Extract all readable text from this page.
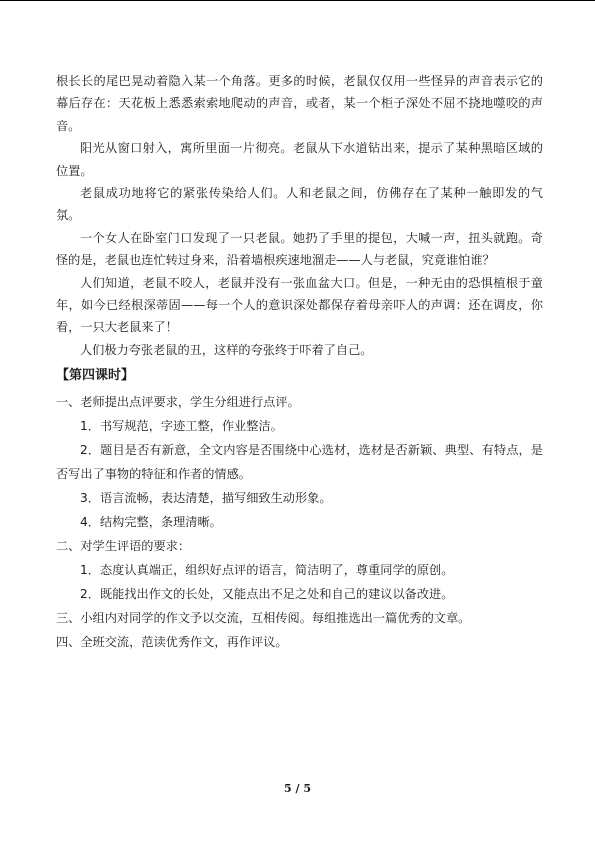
根长长的尾巴晃动着隐入某一个角落。更多的时候，老鼠仅仅用一些怪异的声音表示它的幕后存在：天花板上悉悉索索地爬动的声音，或者，某一个柜子深处不屈不挠地噬咬的声音。

阳光从窗口射入，寓所里面一片彻亮。老鼠从下水道钻出来，提示了某种黑暗区域的位置。

老鼠成功地将它的紧张传染给人们。人和老鼠之间，仿佛存在了某种一触即发的气氛。

一个女人在卧室门口发现了一只老鼠。她扔了手里的提包，大喊一声，扭头就跑。奇怪的是，老鼠也连忙转过身来，沿着墙根疾速地溜走——人与老鼠，究竟谁怕谁？

人们知道，老鼠不咬人，老鼠并没有一张血盆大口。但是，一种无由的恐惧植根于童年，如今已经根深蒂固——每一个人的意识深处都保存着母亲吓人的声调：还在调皮，你看，一只大老鼠来了！

人们极力夸张老鼠的丑，这样的夸张终于吓着了自己。

【第四课时】

一、老师提出点评要求，学生分组进行点评。

1．书写规范，字迹工整，作业整洁。

2．题目是否有新意，全文内容是否围绕中心选材，选材是否新颖、典型、有特点，是否写出了事物的特征和作者的情感。

3．语言流畅，表达清楚，描写细致生动形象。

4．结构完整，条理清晰。

二、对学生评语的要求：

1．态度认真端正，组织好点评的语言，简洁明了，尊重同学的原创。

2．既能找出作文的长处，又能点出不足之处和自己的建议以备改进。

三、小组内对同学的作文予以交流，互相传阅。每组推选出一篇优秀的文章。

四、全班交流，范读优秀作文，再作评议。

5 / 5
